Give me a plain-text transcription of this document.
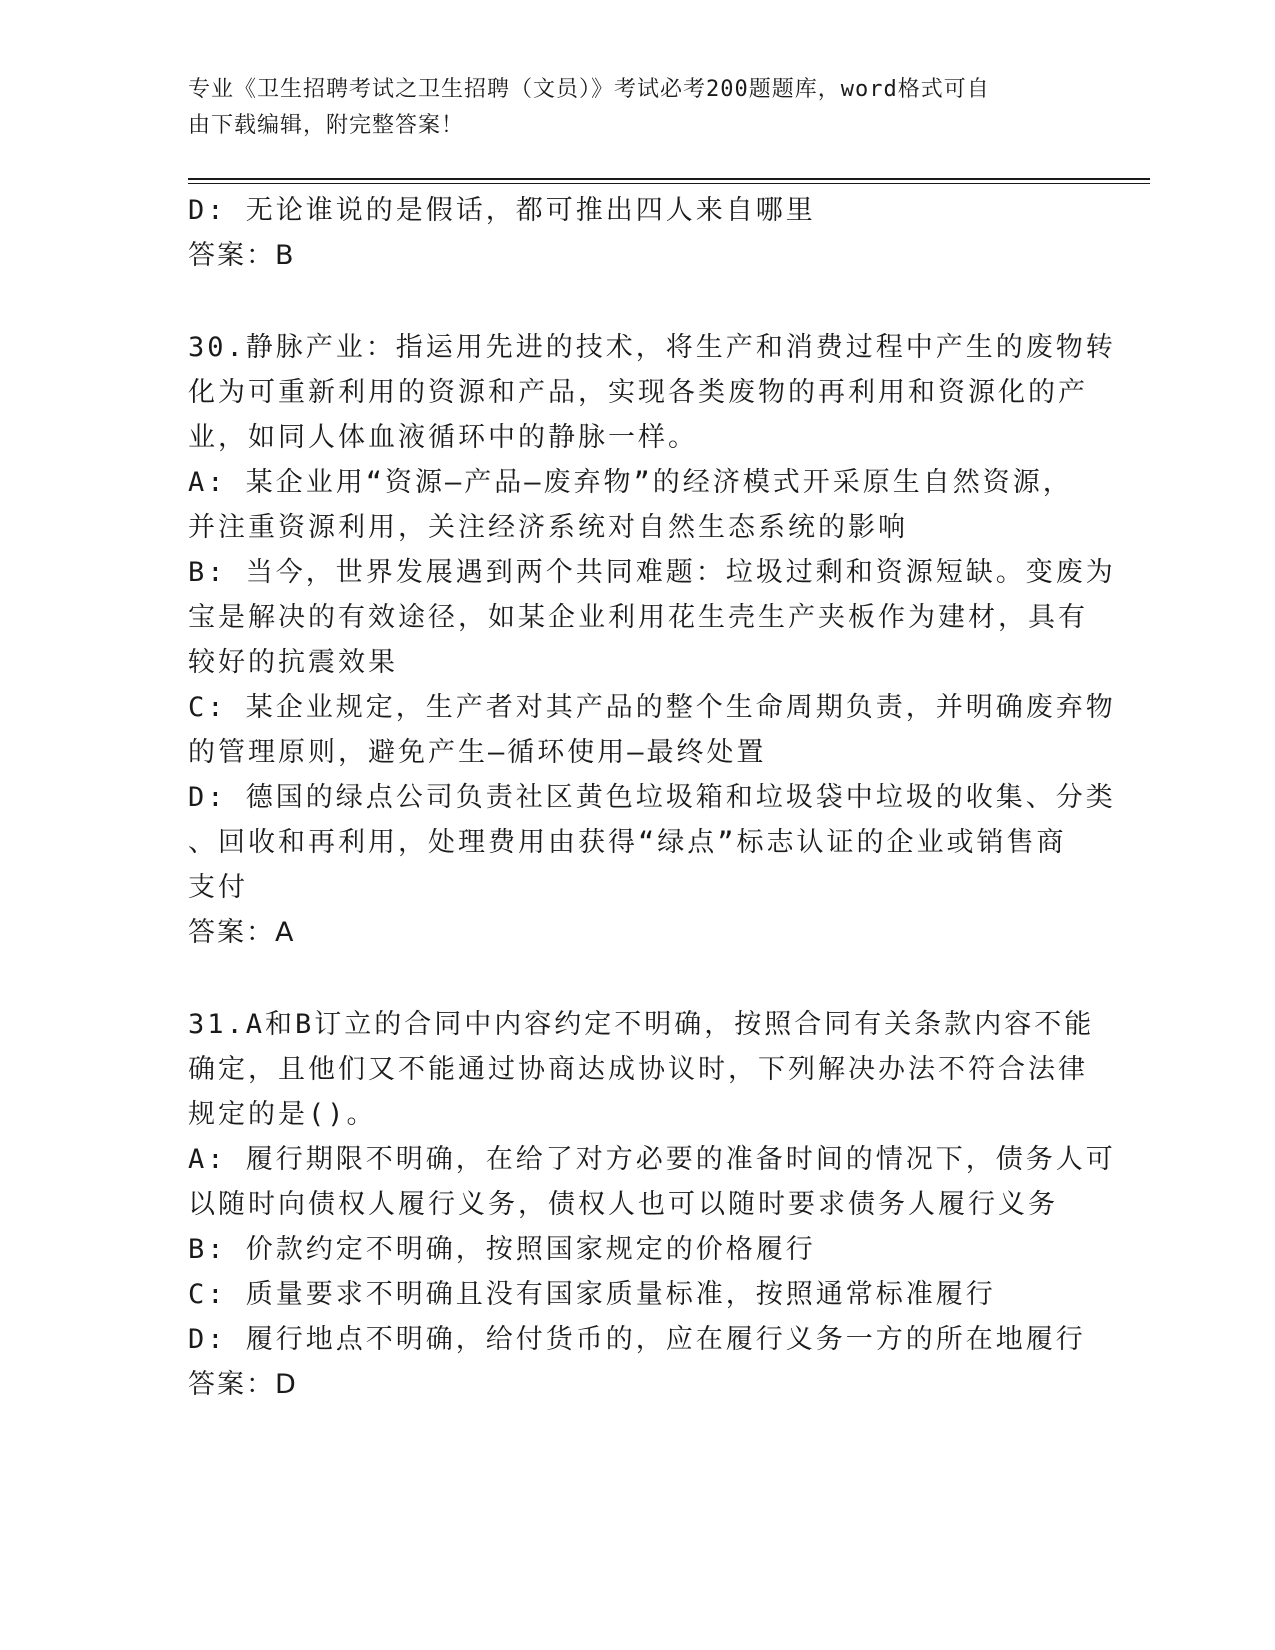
专业《卫生招聘考试之卫生招聘（文员）》考试必考200题题库，word格式可自
由下载编辑，附完整答案！
D: 无论谁说的是假话，都可推出四人来自哪里
答案：B
30.静脉产业：指运用先进的技术，将生产和消费过程中产生的废物转
化为可重新利用的资源和产品，实现各类废物的再利用和资源化的产
业，如同人体血液循环中的静脉一样。
A: 某企业用“资源—产品—废弃物”的经济模式开采原生自然资源，
并注重资源利用，关注经济系统对自然生态系统的影响
B: 当今，世界发展遇到两个共同难题：垃圾过剩和资源短缺。变废为
宝是解决的有效途径，如某企业利用花生壳生产夹板作为建材，具有
较好的抗震效果
C: 某企业规定，生产者对其产品的整个生命周期负责，并明确废弃物
的管理原则，避免产生—循环使用—最终处置
D: 德国的绿点公司负责社区黄色垃圾箱和垃圾袋中垃圾的收集、分类
、回收和再利用，处理费用由获得“绿点”标志认证的企业或销售商
支付
答案：A
31.A和B订立的合同中内容约定不明确，按照合同有关条款内容不能
确定，且他们又不能通过协商达成协议时，下列解决办法不符合法律
规定的是()。
A: 履行期限不明确，在给了对方必要的准备时间的情况下，债务人可
以随时向债权人履行义务，债权人也可以随时要求债务人履行义务
B: 价款约定不明确，按照国家规定的价格履行
C: 质量要求不明确且没有国家质量标准，按照通常标准履行
D: 履行地点不明确，给付货币的，应在履行义务一方的所在地履行
答案：D
